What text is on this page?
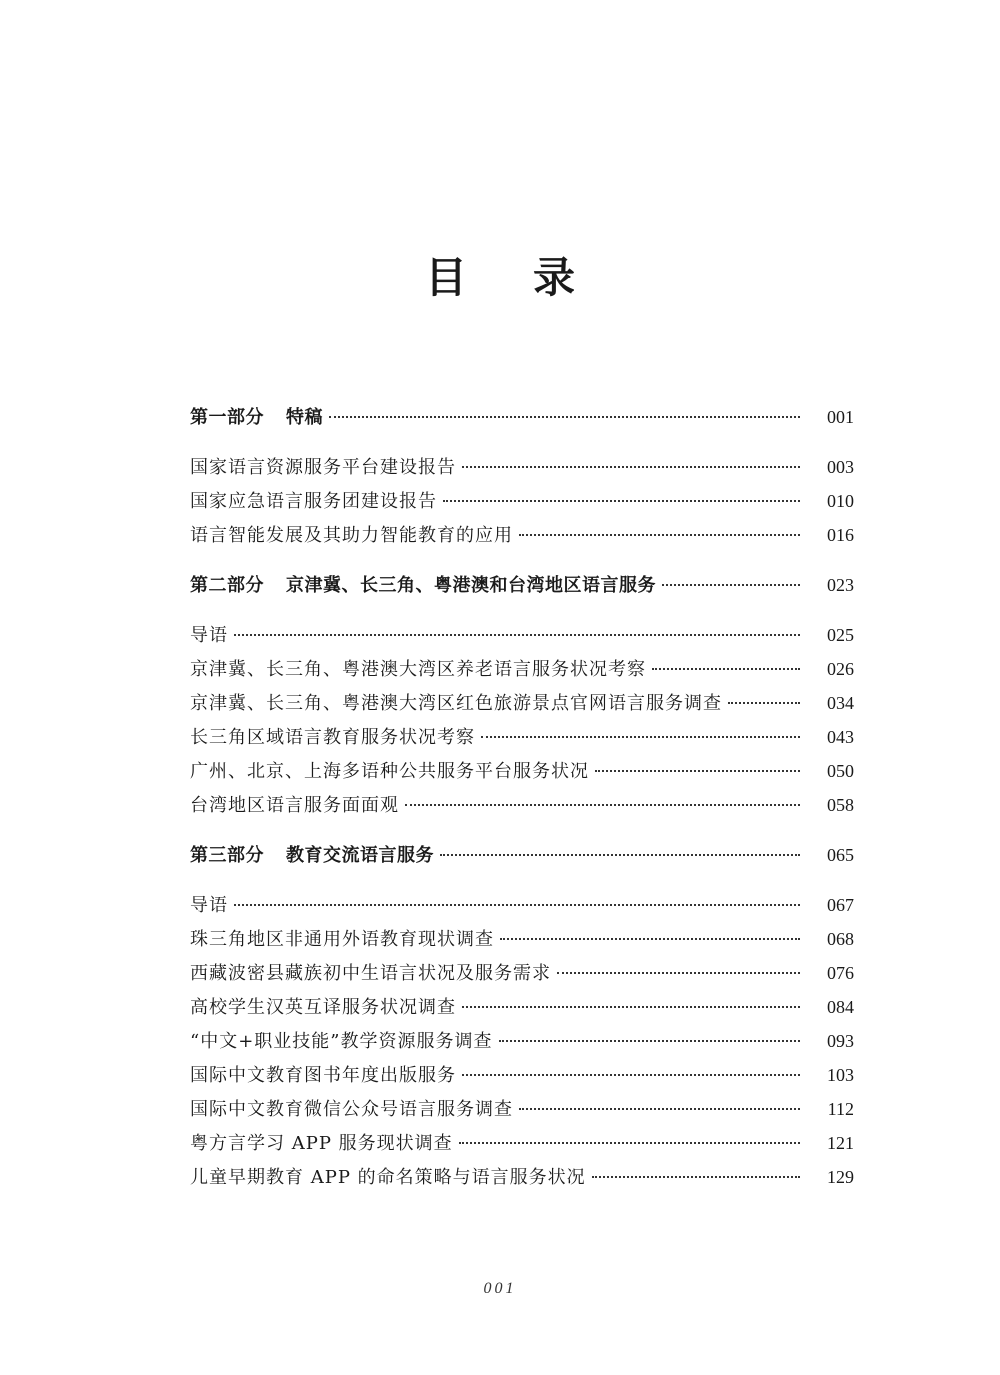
目 录
第一部分 特稿	001
国家语言资源服务平台建设报告	003
国家应急语言服务团建设报告	010
语言智能发展及其助力智能教育的应用	016
第二部分 京津冀、长三角、粤港澳和台湾地区语言服务	023
导语	025
京津冀、长三角、粤港澳大湾区养老语言服务状况考察	026
京津冀、长三角、粤港澳大湾区红色旅游景点官网语言服务调查	034
长三角区域语言教育服务状况考察	043
广州、北京、上海多语种公共服务平台服务状况	050
台湾地区语言服务面面观	058
第三部分 教育交流语言服务	065
导语	067
珠三角地区非通用外语教育现状调查	068
西藏波密县藏族初中生语言状况及服务需求	076
高校学生汉英互译服务状况调查	084
“中文+职业技能”教学资源服务调查	093
国际中文教育图书年度出版服务	103
国际中文教育微信公众号语言服务调查	112
粤方言学习 APP 服务现状调查	121
儿童早期教育 APP 的命名策略与语言服务状况	129
001
